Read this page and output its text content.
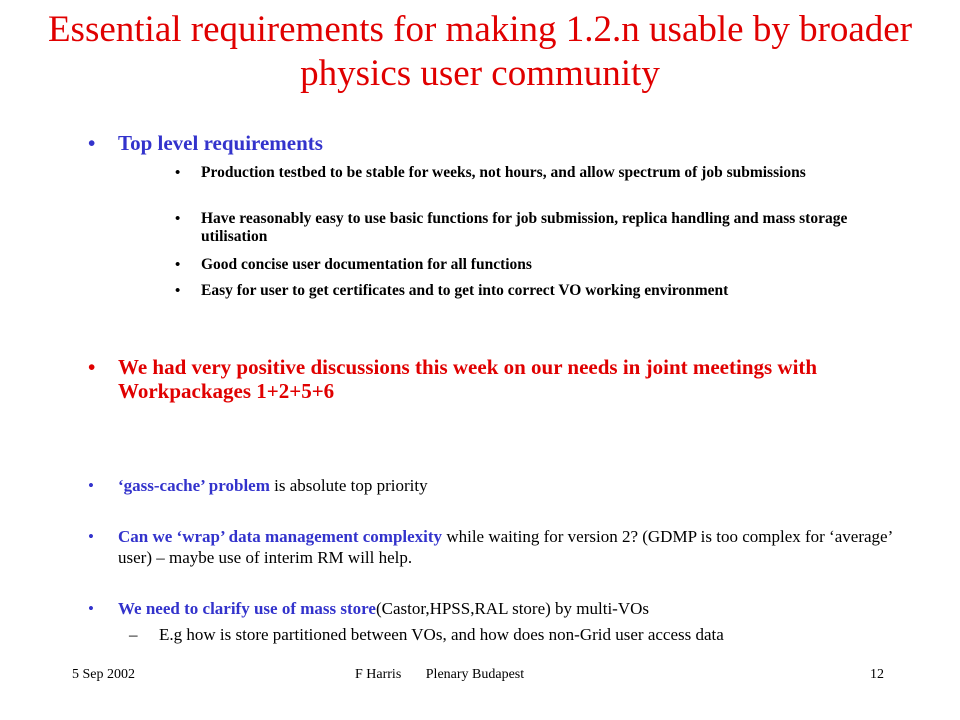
Essential requirements for making 1.2.n usable by broader physics user community
• Top level requirements
• Production testbed to be stable for weeks, not hours, and allow spectrum of job submissions
• Have reasonably easy to use basic functions for job submission, replica handling and mass storage utilisation
• Good concise user documentation for all functions
• Easy for user to get certificates and to get into correct VO working environment
• We had very positive discussions this week on our needs in joint meetings with Workpackages 1+2+5+6
• ‘gass-cache’ problem is absolute top priority
• Can we ‘wrap’ data management complexity while waiting for version 2? (GDMP is too complex for ‘average’ user) – maybe use of interim RM will help.
• We need to clarify use of mass store(Castor,HPSS,RAL store) by multi-VOs
– E.g how is store partitioned between VOs, and how does non-Grid user access data
5 Sep 2002	F Harris       Plenary Budapest	12
